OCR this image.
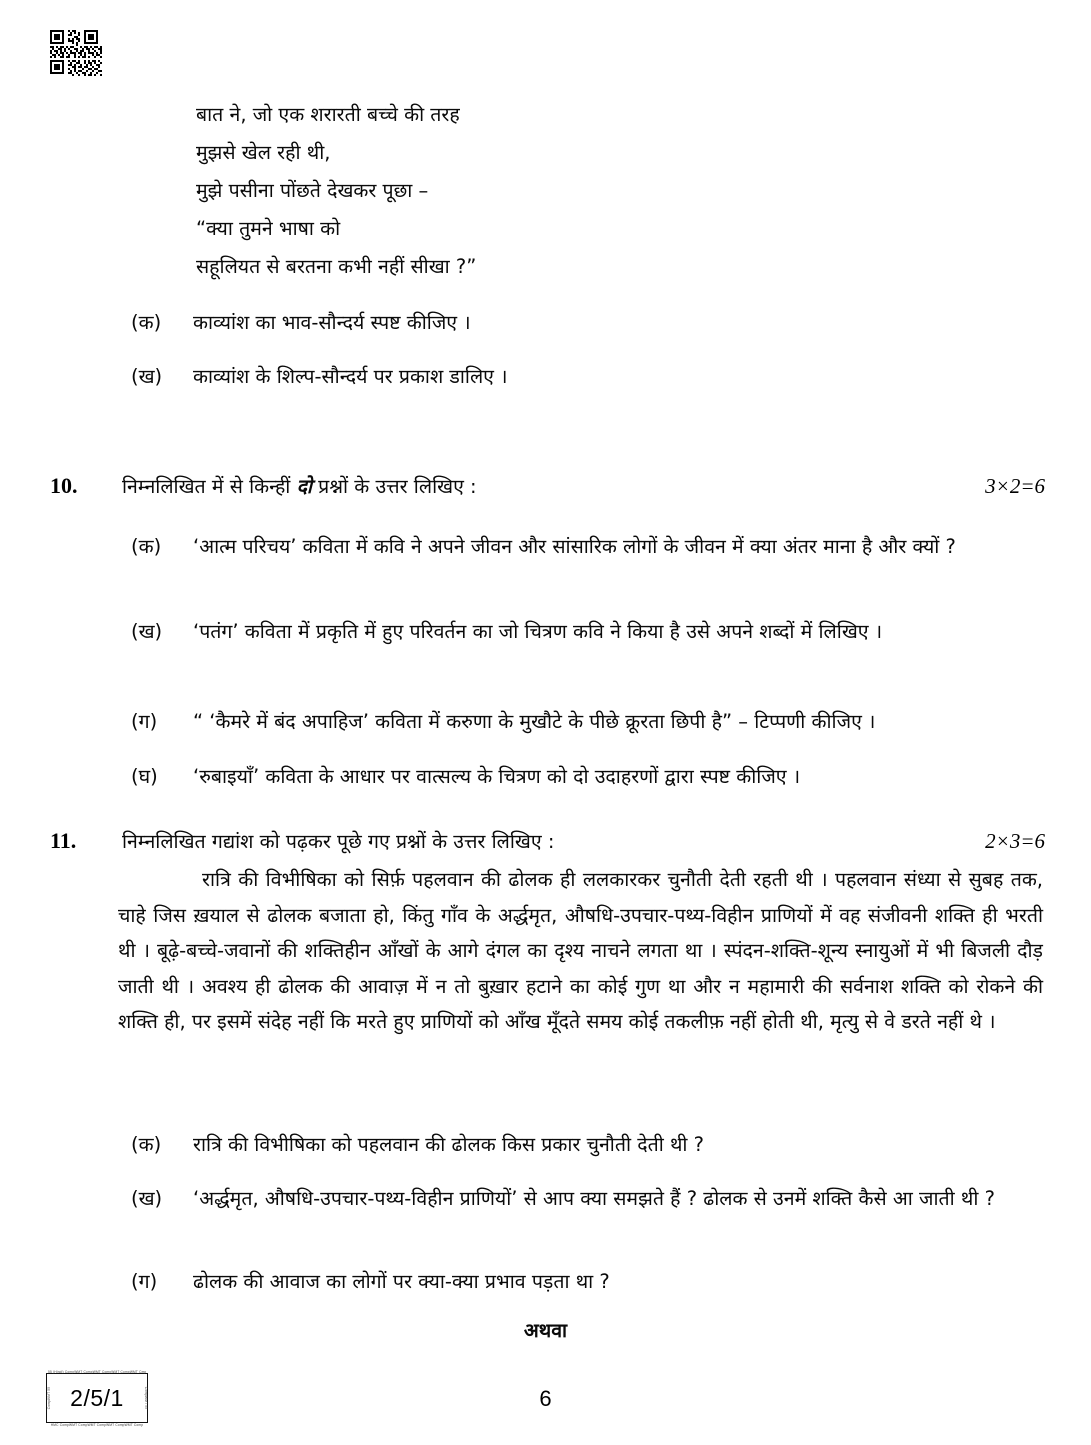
बात ने, जो एक शरारती बच्चे की तरह
मुझसे खेल रही थी,
मुझे पसीना पोंछते देखकर पूछा –
“क्या तुमने भाषा को
सहूलियत से बरतना कभी नहीं सीखा ?”
(क)	काव्यांश का भाव-सौन्दर्य स्पष्ट कीजिए ।
(ख)	काव्यांश के शिल्प-सौन्दर्य पर प्रकाश डालिए ।
10.	निम्नलिखित में से किन्हीं दो प्रश्नों के उत्तर लिखिए :	3×2=6
(क)	‘आत्म परिचय’ कविता में कवि ने अपने जीवन और सांसारिक लोगों के जीवन में क्या अंतर माना है और क्यों ?
(ख)	‘पतंग’ कविता में प्रकृति में हुए परिवर्तन का जो चित्रण कवि ने किया है उसे अपने शब्दों में लिखिए ।
(ग)	“ ‘कैमरे में बंद अपाहिज’ कविता में करुणा के मुखौटे के पीछे क्रूरता छिपी है” – टिप्पणी कीजिए ।
(घ)	‘रुबाइयाँ’ कविता के आधार पर वात्सल्य के चित्रण को दो उदाहरणों द्वारा स्पष्ट कीजिए ।
11.	निम्नलिखित गद्यांश को पढ़कर पूछे गए प्रश्नों के उत्तर लिखिए :	2×3=6
रात्रि की विभीषिका को सिर्फ़ पहलवान की ढोलक ही ललकारकर चुनौती देती रहती थी । पहलवान संध्या से सुबह तक, चाहे जिस ख़याल से ढोलक बजाता हो, किंतु गाँव के अर्द्धमृत, औषधि-उपचार-पथ्य-विहीन प्राणियों में वह संजीवनी शक्ति ही भरती थी । बूढ़े-बच्चे-जवानों की शक्तिहीन आँखों के आगे दंगल का दृश्य नाचने लगता था । स्पंदन-शक्ति-शून्य स्नायुओं में भी बिजली दौड़ जाती थी । अवश्य ही ढोलक की आवाज़ में न तो बुख़ार हटाने का कोई गुण था और न महामारी की सर्वनाश शक्ति को रोकने की शक्ति ही, पर इसमें संदेह नहीं कि मरते हुए प्राणियों को आँख मूँदते समय कोई तकलीफ़ नहीं होती थी, मृत्यु से वे डरते नहीं थे ।
(क)	रात्रि की विभीषिका को पहलवान की ढोलक किस प्रकार चुनौती देती थी ?
(ख)	‘अर्द्धमृत, औषधि-उपचार-पथ्य-विहीन प्राणियों’ से आप क्या समझते हैं ? ढोलक से उनमें शक्ति कैसे आ जाती थी ?
(ग)	ढोलक की आवाज का लोगों पर क्या-क्या प्रभाव पड़ता था ?
अथवा
55 (Hindi) CompWMT CompWMT CompWMT CompWMT Cmp
HMC CompWMT CompWMT CompWMT CompWMT Comp
CompWMT 55	CompWMT 55
2/5/1	6
